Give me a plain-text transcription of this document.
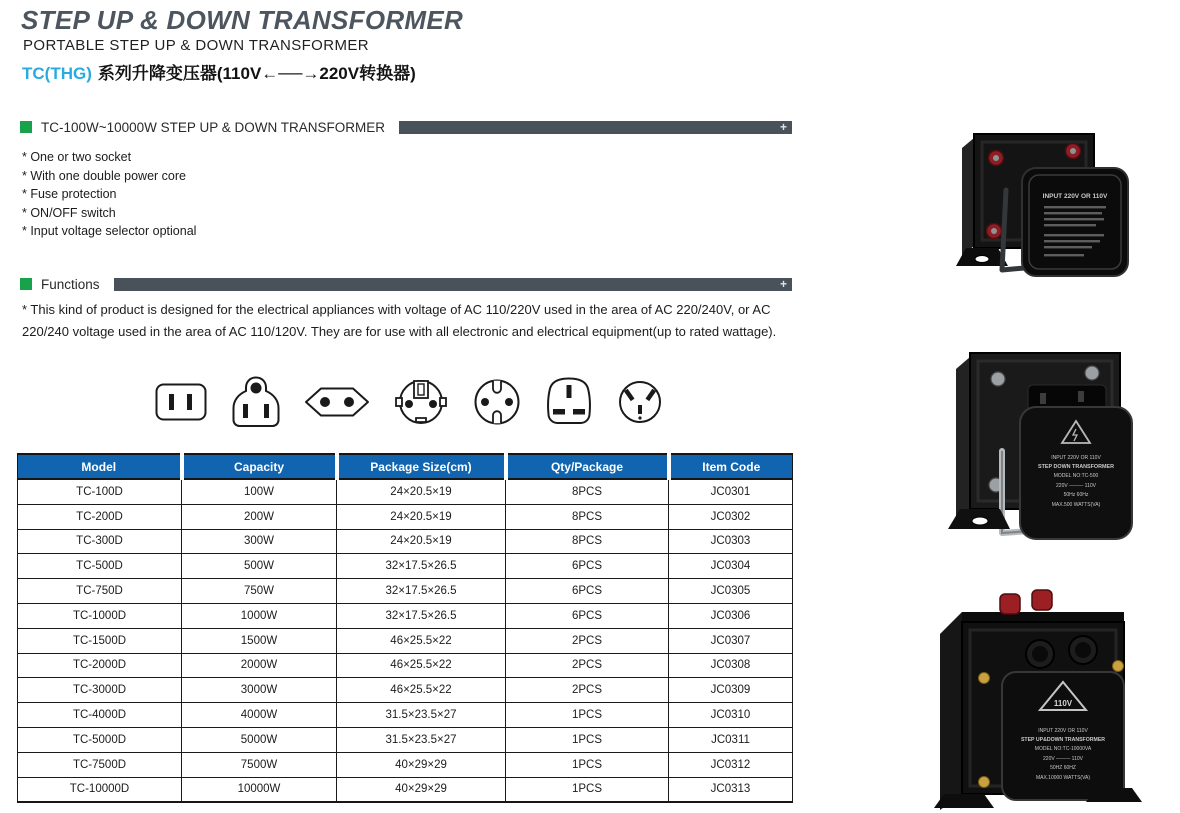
STEP UP & DOWN TRANSFORMER
PORTABLE STEP UP & DOWN TRANSFORMER
TC(THG) 系列升降变压器(110V←──→220V转换器)
TC-100W~10000W STEP UP & DOWN TRANSFORMER	+
* One or two socket
* With one double power core
* Fuse protection
* ON/OFF switch
* Input voltage selector optional
Functions	+
* This kind of product is designed for the electrical appliances with voltage of AC 110/220V used in the area of AC 220/240V, or AC 220/240 voltage used in the area of AC 110/120V. They are for use with all electronic and electrical equipment(up to rated wattage).
Model	Capacity	Package Size(cm)	Qty/Package	Item Code
TC-100D	100W	24×20.5×19	8PCS	JC0301
TC-200D	200W	24×20.5×19	8PCS	JC0302
TC-300D	300W	24×20.5×19	8PCS	JC0303
TC-500D	500W	32×17.5×26.5	6PCS	JC0304
TC-750D	750W	32×17.5×26.5	6PCS	JC0305
TC-1000D	1000W	32×17.5×26.5	6PCS	JC0306
TC-1500D	1500W	46×25.5×22	2PCS	JC0307
TC-2000D	2000W	46×25.5×22	2PCS	JC0308
TC-3000D	3000W	46×25.5×22	2PCS	JC0309
TC-4000D	4000W	31.5×23.5×27	1PCS	JC0310
TC-5000D	5000W	31.5×23.5×27	1PCS	JC0311
TC-7500D	7500W	40×29×29	1PCS	JC0312
TC-10000D	10000W	40×29×29	1PCS	JC0313
INPUT 220V OR 110V
INPUT 220V OR 110V
STEP DOWN TRANSFORMER
MODEL NO:TC-500
220V ──── 110V
50Hz 60Hz
MAX.500 WATTS(VA)
110V
INPUT 220V OR 110V
STEP UP&DOWN TRANSFORMER
MODEL NO:TC-10000VA
220V ──── 110V
50HZ 60HZ
MAX.10000 WATTS(VA)
